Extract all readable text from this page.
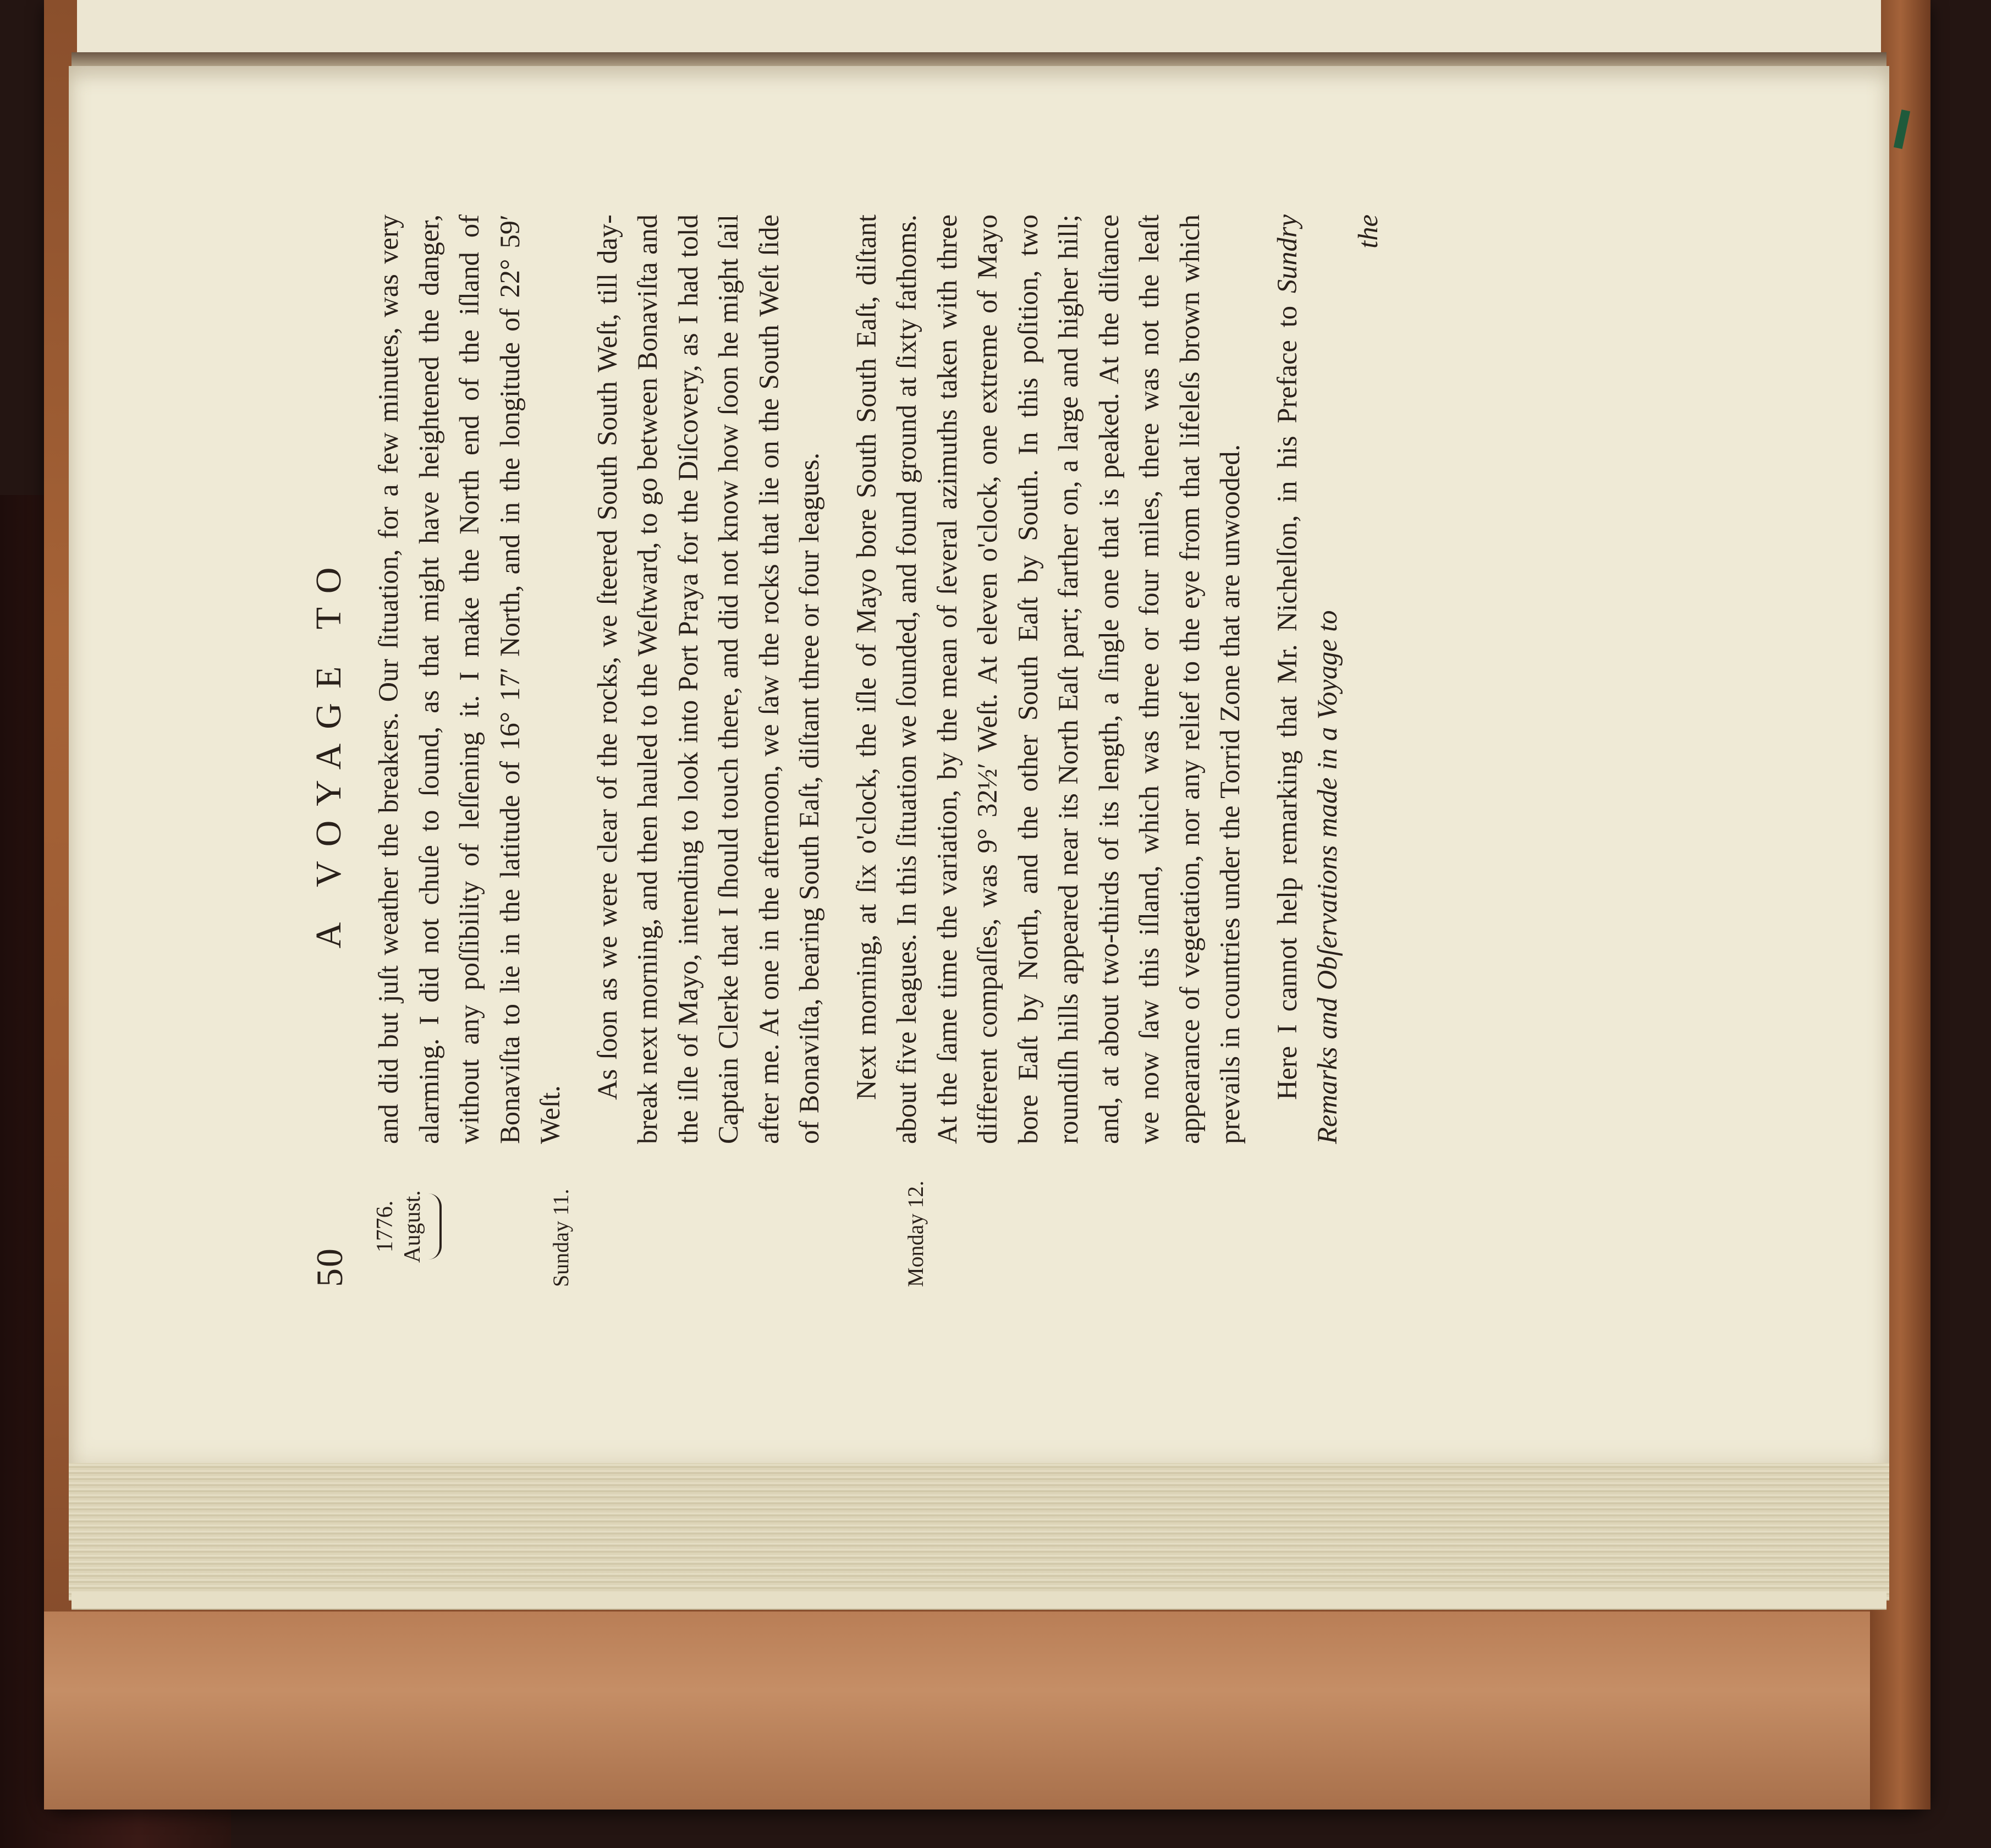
50
A VOYAGE TO
1776. August.	Sunday 11.	Monday 12.

and did but juſt weather the breakers. Our ſituation, for a few minutes, was very alarming. I did not chuſe to ſound, as that might have heightened the danger, without any poſſibility of leſſening it. I make the North end of the iſland of Bonaviſta to lie in the latitude of 16° 17′ North, and in the longitude of 22° 59′ Weſt.

As ſoon as we were clear of the rocks, we ſteered South South Weſt, till day-break next morning, and then hauled to the Weſtward, to go between Bonaviſta and the iſle of Mayo, intending to look into Port Praya for the Diſcovery, as I had told Captain Clerke that I ſhould touch there, and did not know how ſoon he might ſail after me. At one in the afternoon, we ſaw the rocks that lie on the South Weſt ſide of Bonaviſta, bearing South Eaſt, diſtant three or four leagues. Next morning, at ſix o'clock, the iſle of Mayo bore South South Eaſt, diſtant about five leagues. In this ſituation we ſounded, and found ground at ſixty fathoms. At the ſame time the variation, by the mean of ſeveral azimuths taken with three different compaſſes, was 9° 32½′ Weſt. At eleven o'clock, one extreme of Mayo bore Eaſt by North, and the other South Eaſt by South. In this poſition, two roundiſh hills appeared near its North Eaſt part; farther on, a large and higher hill; and, at about two-thirds of its length, a ſingle one that is peaked. At the diſtance we now ſaw this iſland, which was three or four miles, there was not the leaſt appearance of vegetation, nor any relief to the eye from that lifeleſs brown which prevails in countries under the Torrid Zone that are unwooded. Here I cannot help remarking that Mr. Nichelſon, in his Preface to Sundry Remarks and Obſervations made in a Voyage to

the
